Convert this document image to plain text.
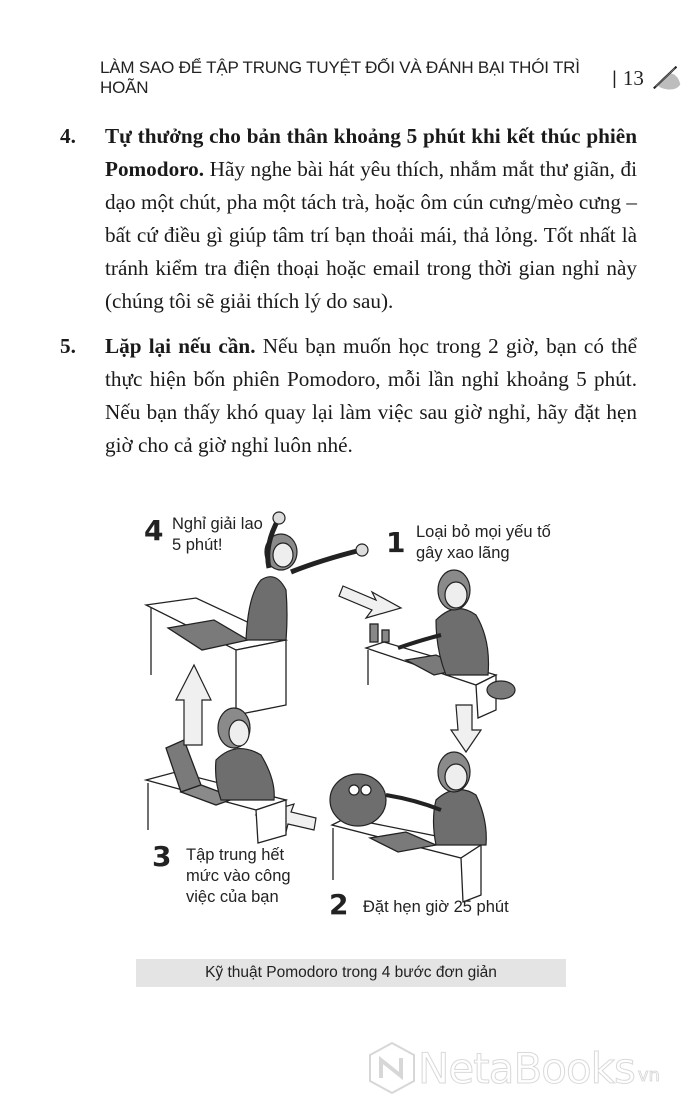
LÀM SAO ĐỂ TẬP TRUNG TUYỆT ĐỐI VÀ ĐÁNH BẠI THÓI TRÌ HOÃN	| 13
4.	Tự thưởng cho bản thân khoảng 5 phút khi kết thúc phiên Pomodoro. Hãy nghe bài hát yêu thích, nhắm mắt thư giãn, đi dạo một chút, pha một tách trà, hoặc ôm cún cưng/mèo cưng – bất cứ điều gì giúp tâm trí bạn thoải mái, thả lỏng. Tốt nhất là tránh kiểm tra điện thoại hoặc email trong thời gian nghỉ này (chúng tôi sẽ giải thích lý do sau).
5.	Lặp lại nếu cần. Nếu bạn muốn học trong 2 giờ, bạn có thể thực hiện bốn phiên Pomodoro, mỗi lần nghỉ khoảng 5 phút. Nếu bạn thấy khó quay lại làm việc sau giờ nghỉ, hãy đặt hẹn giờ cho cả giờ nghỉ luôn nhé.
4 Nghỉ giải lao
5 phút!	1 Loại bỏ mọi yếu tố
gây xao lãng
3 Tập trung hết
mức vào công
việc của bạn	2 Đặt hẹn giờ 25 phút
Kỹ thuật Pomodoro trong 4 bước đơn giản
NetaBooks vn
